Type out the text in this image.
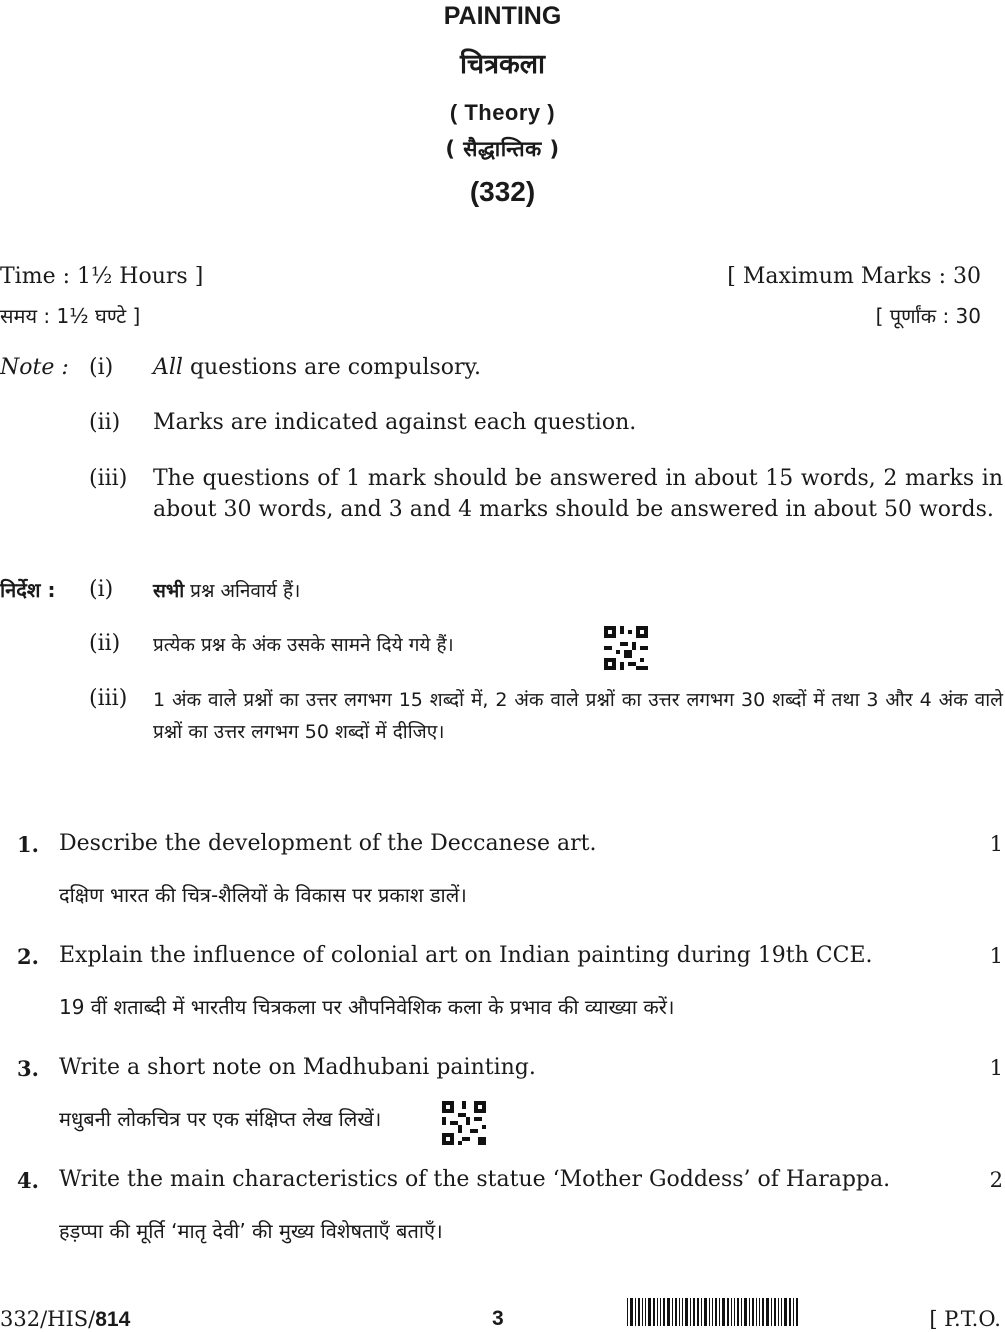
PAINTING
चित्रकला
( Theory )
( सैद्धान्तिक )
(332)
Time : 1½ Hours ]
समय : 1½ घण्टे ]
[ Maximum Marks : 30
[ पूर्णांक : 30
Note : (i) All questions are compulsory.
(ii) Marks are indicated against each question.
(iii) The questions of 1 mark should be answered in about 15 words, 2 marks in about 30 words, and 3 and 4 marks should be answered in about 50 words.
निर्देश : (i) सभी प्रश्न अनिवार्य हैं।
(ii) प्रत्येक प्रश्न के अंक उसके सामने दिये गये हैं।
(iii) 1 अंक वाले प्रश्नों का उत्तर लगभग 15 शब्दों में, 2 अंक वाले प्रश्नों का उत्तर लगभग 30 शब्दों में तथा 3 और 4 अंक वाले प्रश्नों का उत्तर लगभग 50 शब्दों में दीजिए।
1. Describe the development of the Deccanese art.	1
दक्षिण भारत की चित्र-शैलियों के विकास पर प्रकाश डालें।
2. Explain the influence of colonial art on Indian painting during 19th CCE.	1
19 वीं शताब्दी में भारतीय चित्रकला पर औपनिवेशिक कला के प्रभाव की व्याख्या करें।
3. Write a short note on Madhubani painting.	1
मधुबनी लोकचित्र पर एक संक्षिप्त लेख लिखें।
4. Write the main characteristics of the statue ‘Mother Goddess’ of Harappa.	2
हड़प्पा की मूर्ति ‘मातृ देवी’ की मुख्य विशेषताएँ बताएँ।
332/HIS/814	3	[ P.T.O.
